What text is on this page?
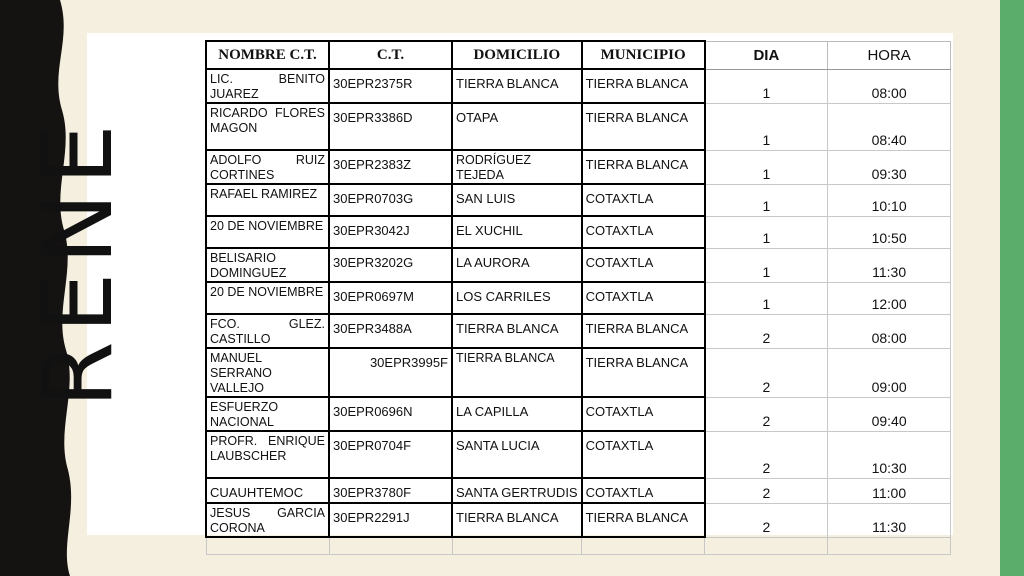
RENE
NOMBRE C.T.	C.T.	DOMICILIO	MUNICIPIO	DIA	HORA
LIC. BENITO JUAREZ	30EPR2375R	TIERRA BLANCA	TIERRA BLANCA	1	08:00
RICARDO FLORES MAGON	30EPR3386D	OTAPA	TIERRA BLANCA	1	08:40
ADOLFO RUIZ CORTINES	30EPR2383Z	RODRÍGUEZ TEJEDA	TIERRA BLANCA	1	09:30
RAFAEL RAMIREZ	30EPR0703G	SAN LUIS	COTAXTLA	1	10:10
20 DE NOVIEMBRE	30EPR3042J	EL XUCHIL	COTAXTLA	1	10:50
BELISARIO DOMINGUEZ	30EPR3202G	LA AURORA	COTAXTLA	1	11:30
20 DE NOVIEMBRE	30EPR0697M	LOS CARRILES	COTAXTLA	1	12:00
FCO. GLEZ. CASTILLO	30EPR3488A	TIERRA BLANCA	TIERRA BLANCA	2	08:00
MANUEL SERRANO VALLEJO	30EPR3995F	TIERRA BLANCA	TIERRA BLANCA	2	09:00
ESFUERZO NACIONAL	30EPR0696N	LA CAPILLA	COTAXTLA	2	09:40
PROFR. ENRIQUE LAUBSCHER	30EPR0704F	SANTA LUCIA	COTAXTLA	2	10:30
CUAUHTEMOC	30EPR3780F	SANTA GERTRUDIS	COTAXTLA	2	11:00
JESUS GARCIA CORONA	30EPR2291J	TIERRA BLANCA	TIERRA BLANCA	2	11:30
